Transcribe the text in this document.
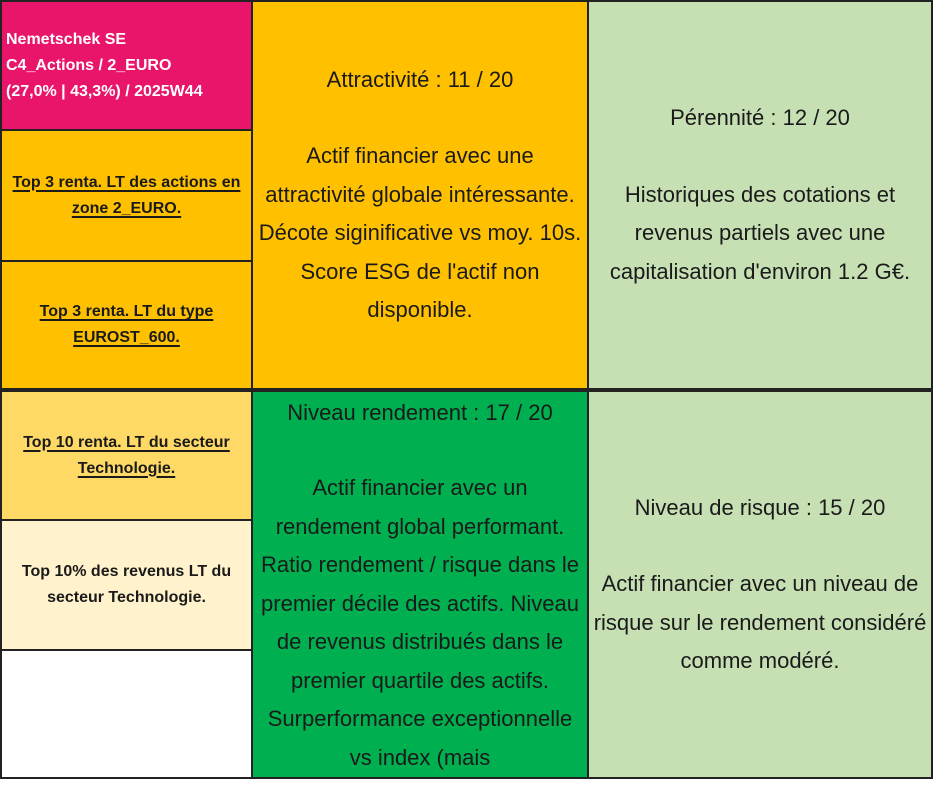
Nemetschek SE
C4_Actions / 2_EURO
(27,0% | 43,3%) / 2025W44
Top 3 renta. LT des actions en zone 2_EURO.
Top 3 renta. LT du type EUROST_600.
Top 10 renta. LT du secteur Technologie.
Top 10% des revenus LT du secteur Technologie.
Attractivité : 11 / 20
Actif financier avec une attractivité globale intéressante. Décote siginificative vs moy. 10s. Score ESG de l'actif non disponible.
Niveau rendement : 17 / 20
Actif financier avec un rendement global performant. Ratio rendement / risque dans le premier décile des actifs. Niveau de revenus distribués dans le premier quartile des actifs. Surperformance exceptionnelle vs index (mais
Pérennité : 12 / 20
Historiques des cotations et revenus partiels avec une capitalisation d'environ 1.2 G€.
Niveau de risque : 15 / 20
Actif financier avec un niveau de risque sur le rendement considéré comme modéré.
